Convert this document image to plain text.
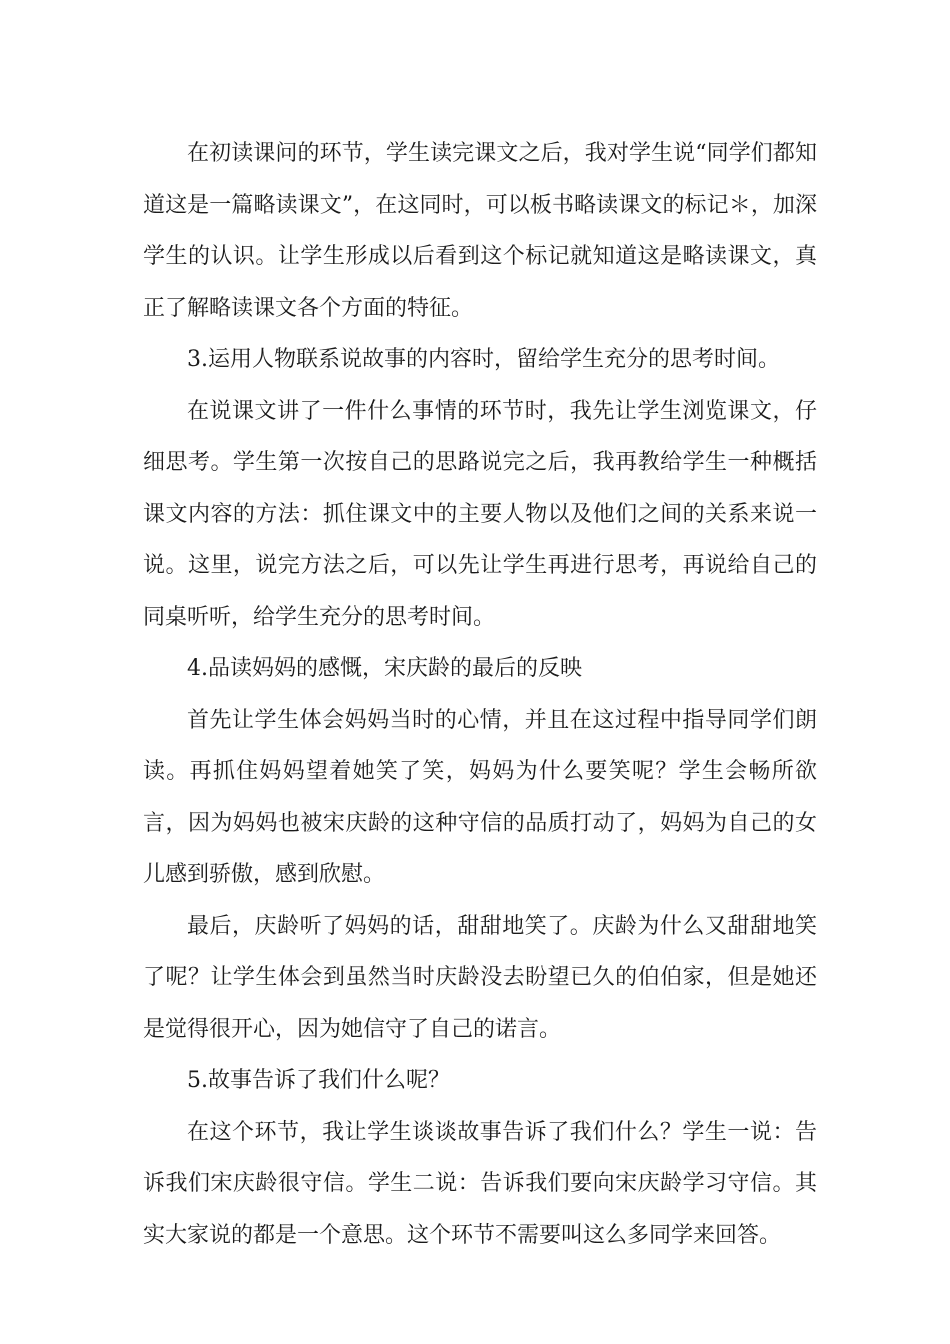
在初读课问的环节，学生读完课文之后，我对学生说“同学们都知道这是一篇略读课文”，在这同时，可以板书略读课文的标记＊，加深学生的认识。让学生形成以后看到这个标记就知道这是略读课文，真正了解略读课文各个方面的特征。

3.运用人物联系说故事的内容时，留给学生充分的思考时间。

在说课文讲了一件什么事情的环节时，我先让学生浏览课文，仔细思考。学生第一次按自己的思路说完之后，我再教给学生一种概括课文内容的方法：抓住课文中的主要人物以及他们之间的关系来说一说。这里，说完方法之后，可以先让学生再进行思考，再说给自己的同桌听听，给学生充分的思考时间。

4.品读妈妈的感慨，宋庆龄的最后的反映

首先让学生体会妈妈当时的心情，并且在这过程中指导同学们朗读。再抓住妈妈望着她笑了笑，妈妈为什么要笑呢？学生会畅所欲言，因为妈妈也被宋庆龄的这种守信的品质打动了，妈妈为自己的女儿感到骄傲，感到欣慰。

最后，庆龄听了妈妈的话，甜甜地笑了。庆龄为什么又甜甜地笑了呢？让学生体会到虽然当时庆龄没去盼望已久的伯伯家，但是她还是觉得很开心，因为她信守了自己的诺言。

5.故事告诉了我们什么呢？

在这个环节，我让学生谈谈故事告诉了我们什么？学生一说：告诉我们宋庆龄很守信。学生二说：告诉我们要向宋庆龄学习守信。其实大家说的都是一个意思。这个环节不需要叫这么多同学来回答。
